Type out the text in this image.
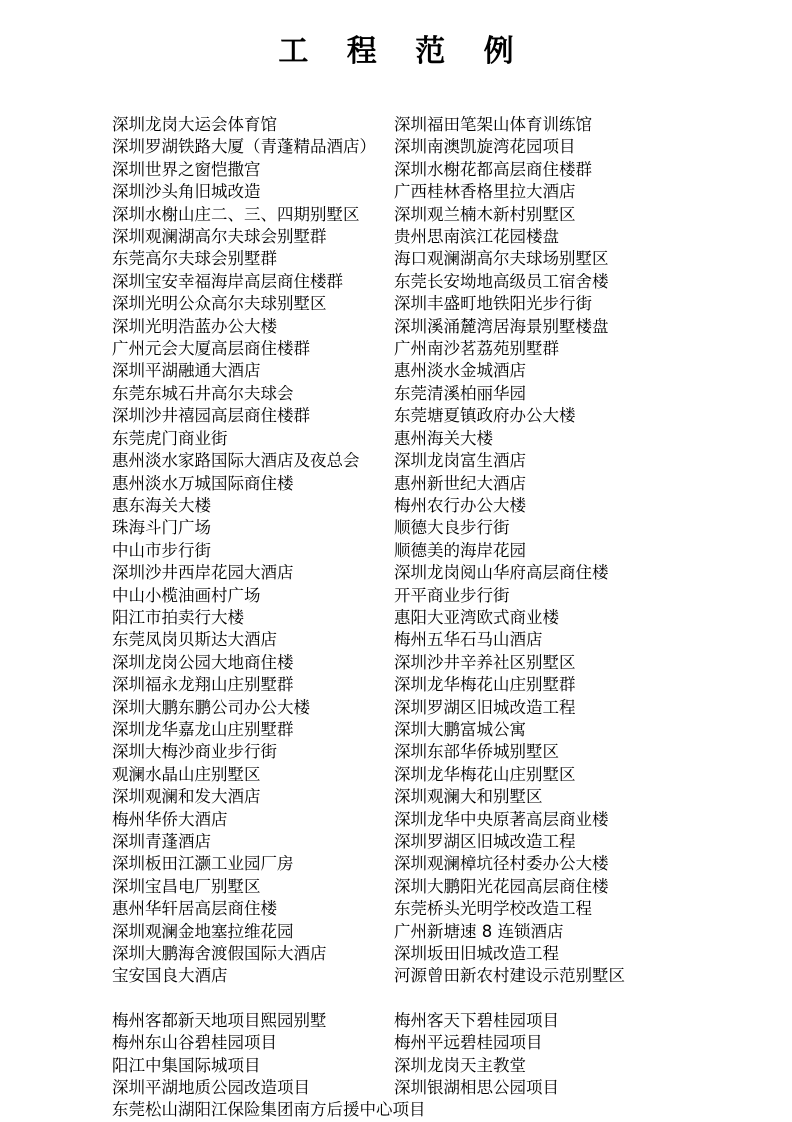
工 程 范 例
深圳龙岗大运会体育馆	深圳福田笔架山体育训练馆
深圳罗湖铁路大厦（青蓬精品酒店）	深圳南澳凯旋湾花园项目
深圳世界之窗恺撒宫	深圳水榭花都高层商住楼群
深圳沙头角旧城改造	广西桂林香格里拉大酒店
深圳水榭山庄二、三、四期别墅区	深圳观兰楠木新村别墅区
深圳观澜湖高尔夫球会别墅群	贵州思南滨江花园楼盘
东莞高尔夫球会别墅群	海口观澜湖高尔夫球场别墅区
深圳宝安幸福海岸高层商住楼群	东莞长安坳地高级员工宿舍楼
深圳光明公众高尔夫球别墅区	深圳丰盛町地铁阳光步行街
深圳光明浩蓝办公大楼	深圳溪涌麓湾居海景别墅楼盘
广州元会大厦高层商住楼群	广州南沙茗荔苑别墅群
深圳平湖融通大酒店	惠州淡水金城酒店
东莞东城石井高尔夫球会	东莞清溪柏丽华园
深圳沙井禧园高层商住楼群	东莞塘夏镇政府办公大楼
东莞虎门商业街	惠州海关大楼
惠州淡水家路国际大酒店及夜总会	深圳龙岗富生酒店
惠州淡水万城国际商住楼	惠州新世纪大酒店
惠东海关大楼	梅州农行办公大楼
珠海斗门广场	顺德大良步行街
中山市步行街	顺德美的海岸花园
深圳沙井西岸花园大酒店	深圳龙岗阅山华府高层商住楼
中山小榄油画村广场	开平商业步行街
阳江市拍卖行大楼	惠阳大亚湾欧式商业楼
东莞凤岗贝斯达大酒店	梅州五华石马山酒店
深圳龙岗公园大地商住楼	深圳沙井辛养社区别墅区
深圳福永龙翔山庄别墅群	深圳龙华梅花山庄别墅群
深圳大鹏东鹏公司办公大楼	深圳罗湖区旧城改造工程
深圳龙华嘉龙山庄别墅群	深圳大鹏富城公寓
深圳大梅沙商业步行街	深圳东部华侨城别墅区
观澜水晶山庄别墅区	深圳龙华梅花山庄别墅区
深圳观澜和发大酒店	深圳观澜大和别墅区
梅州华侨大酒店	深圳龙华中央原著高层商业楼
深圳青蓬酒店	深圳罗湖区旧城改造工程
深圳板田江灏工业园厂房	深圳观澜樟坑径村委办公大楼
深圳宝昌电厂别墅区	深圳大鹏阳光花园高层商住楼
惠州华轩居高层商住楼	东莞桥头光明学校改造工程
深圳观澜金地塞拉维花园	广州新塘速 8 连锁酒店
深圳大鹏海舍渡假国际大酒店	深圳坂田旧城改造工程
宝安国良大酒店	河源曾田新农村建设示范别墅区
梅州客都新天地项目熙园别墅	梅州客天下碧桂园项目
梅州东山谷碧桂园项目	梅州平远碧桂园项目
阳江中集国际城项目	深圳龙岗天主教堂
深圳平湖地质公园改造项目	深圳银湖相思公园项目
东莞松山湖阳江保险集团南方后援中心项目
